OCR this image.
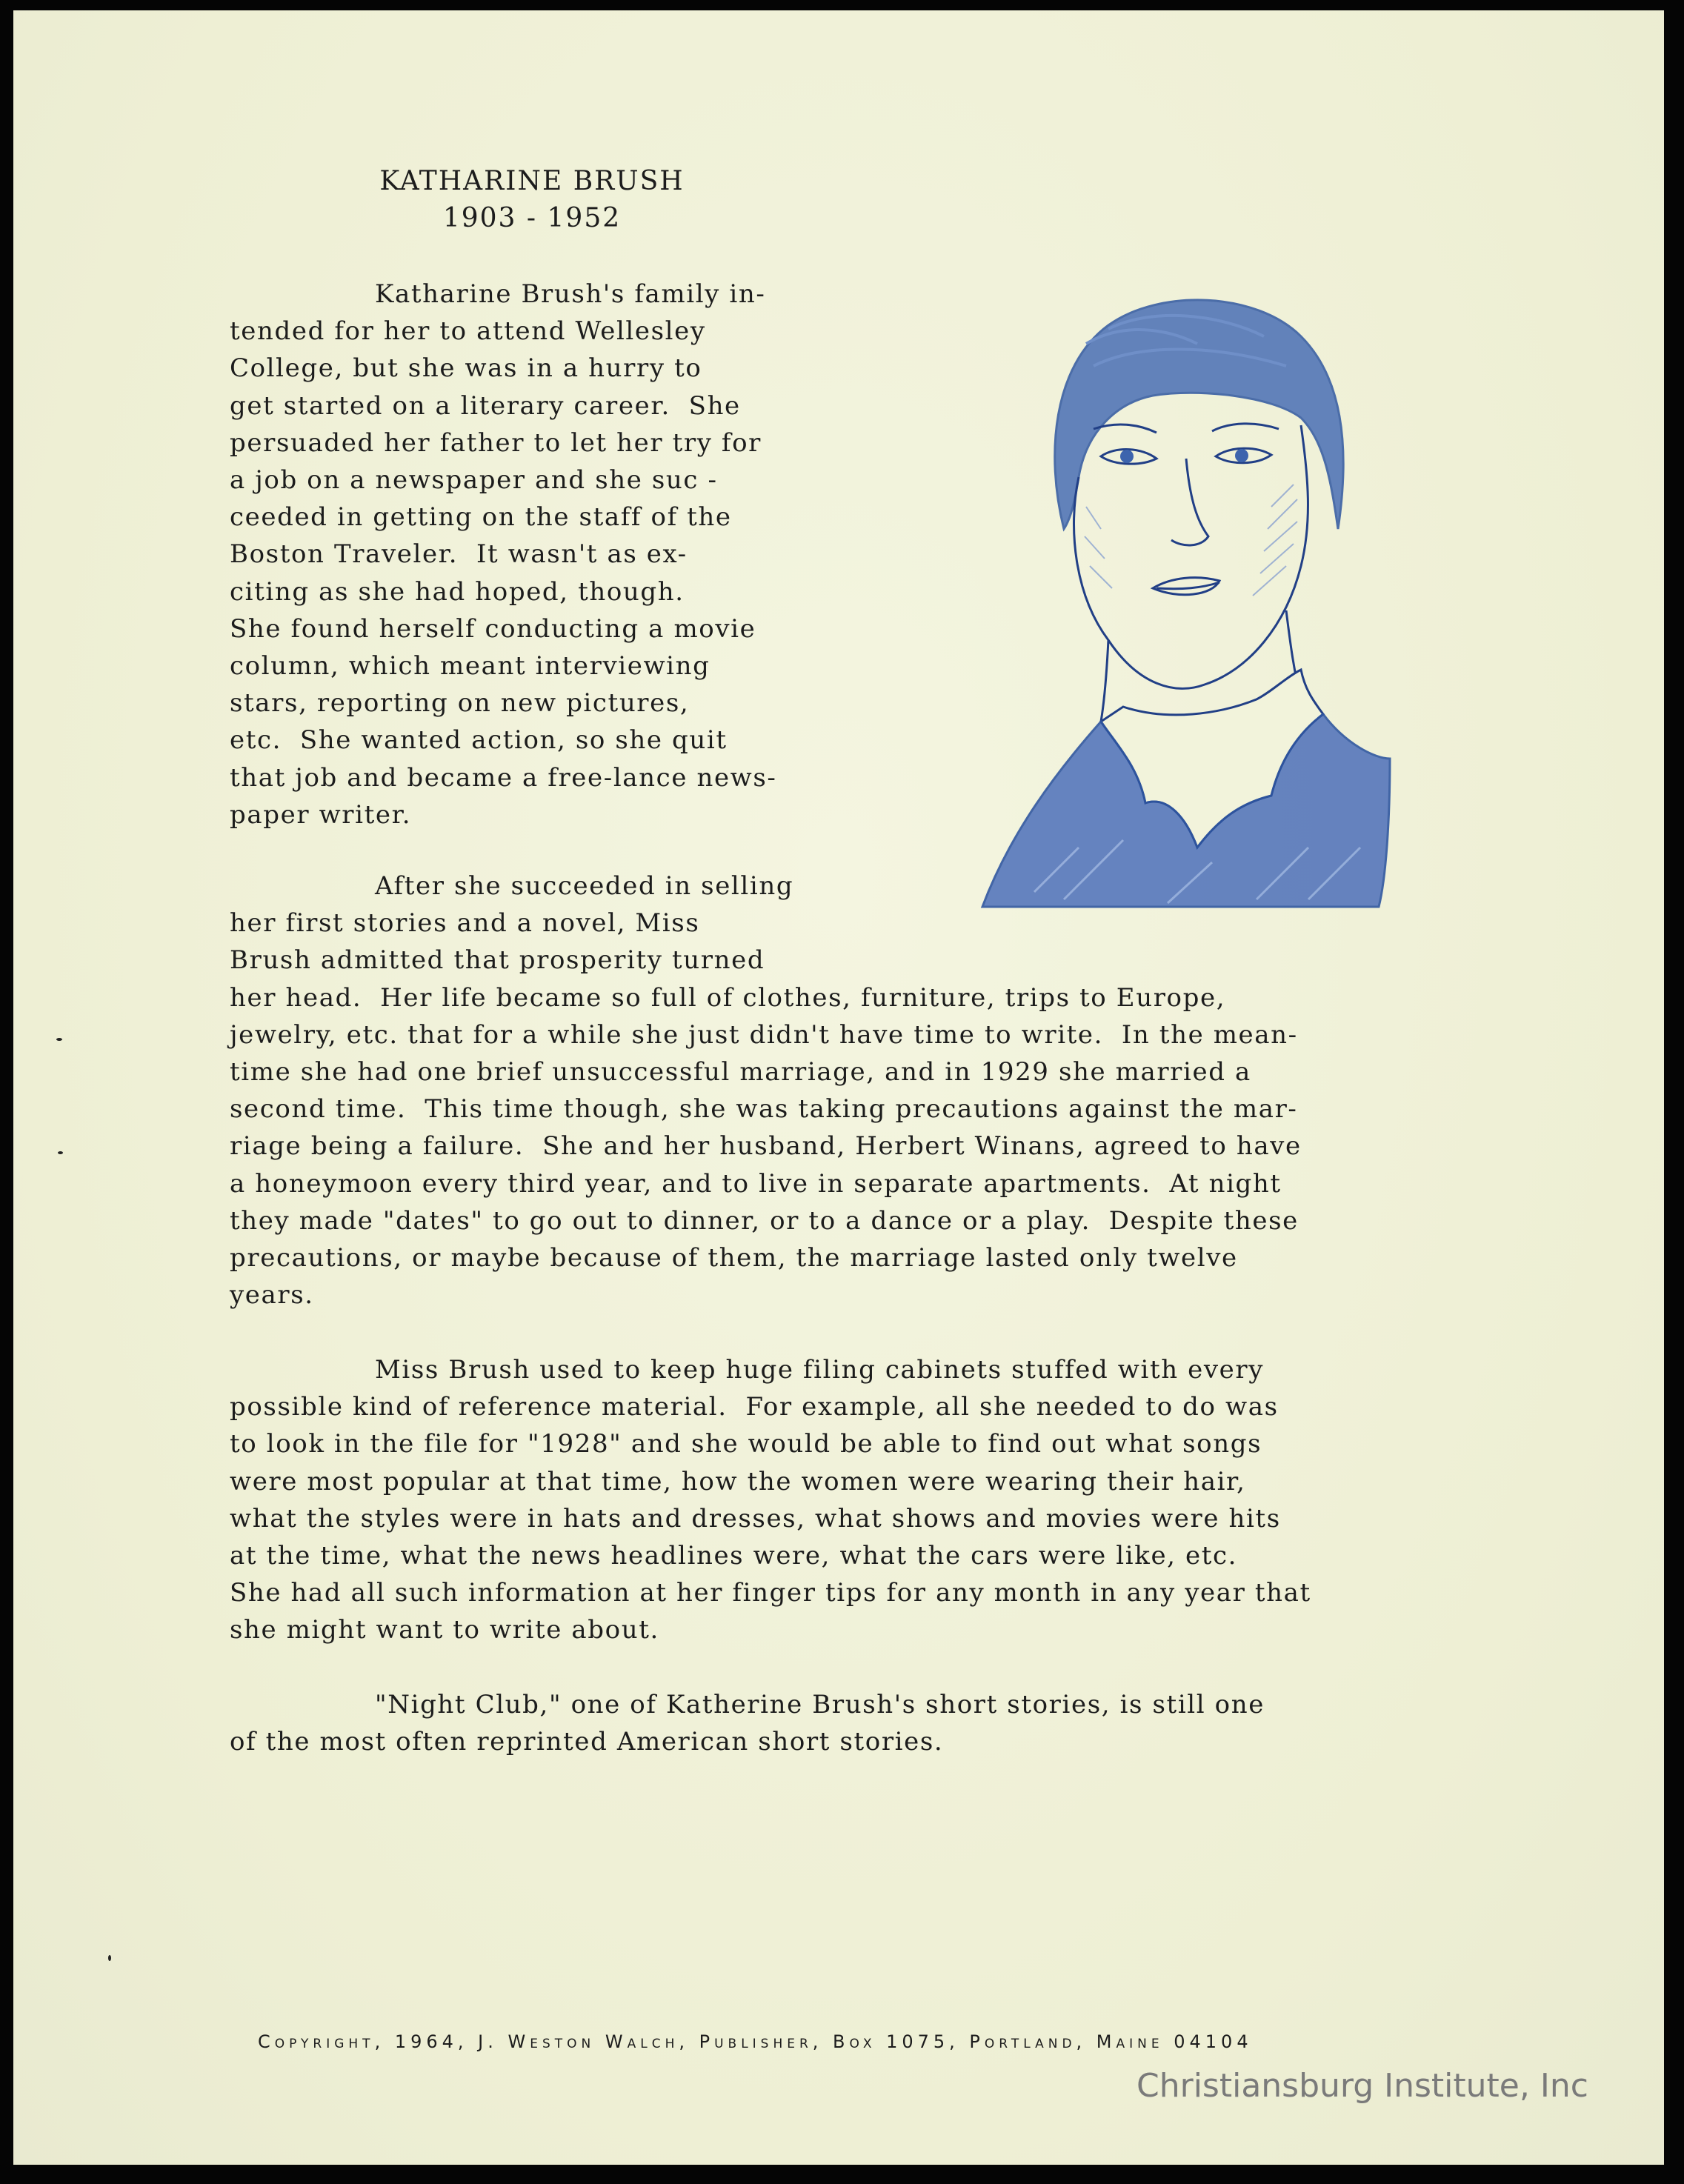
KATHARINE BRUSH
1903 - 1952
Katharine Brush's family in-
tended for her to attend Wellesley
College, but she was in a hurry to
get started on a literary career.  She
persuaded her father to let her try for
a job on a newspaper and she suc -
ceeded in getting on the staff of the
Boston Traveler.  It wasn't as ex-
citing as she had hoped, though.
She found herself conducting a movie
column, which meant interviewing
stars, reporting on new pictures,
etc.  She wanted action, so she quit
that job and became a free-lance news-
paper writer.
After she succeeded in selling
her first stories and a novel, Miss
Brush admitted that prosperity turned
her head.  Her life became so full of clothes, furniture, trips to Europe,
jewelry, etc. that for a while she just didn't have time to write.  In the mean-
time she had one brief unsuccessful marriage, and in 1929 she married a
second time.  This time though, she was taking precautions against the mar-
riage being a failure.  She and her husband, Herbert Winans, agreed to have
a honeymoon every third year, and to live in separate apartments.  At night
they made "dates" to go out to dinner, or to a dance or a play.  Despite these
precautions, or maybe because of them, the marriage lasted only twelve
years.
Miss Brush used to keep huge filing cabinets stuffed with every
possible kind of reference material.  For example, all she needed to do was
to look in the file for "1928" and she would be able to find out what songs
were most popular at that time, how the women were wearing their hair,
what the styles were in hats and dresses, what shows and movies were hits
at the time, what the news headlines were, what the cars were like, etc.
She had all such information at her finger tips for any month in any year that
she might want to write about.
"Night Club," one of Katherine Brush's short stories, is still one
of the most often reprinted American short stories.
Copyright, 1964, J. Weston Walch, Publisher, Box 1075, Portland, Maine 04104
Christiansburg Institute, Inc
